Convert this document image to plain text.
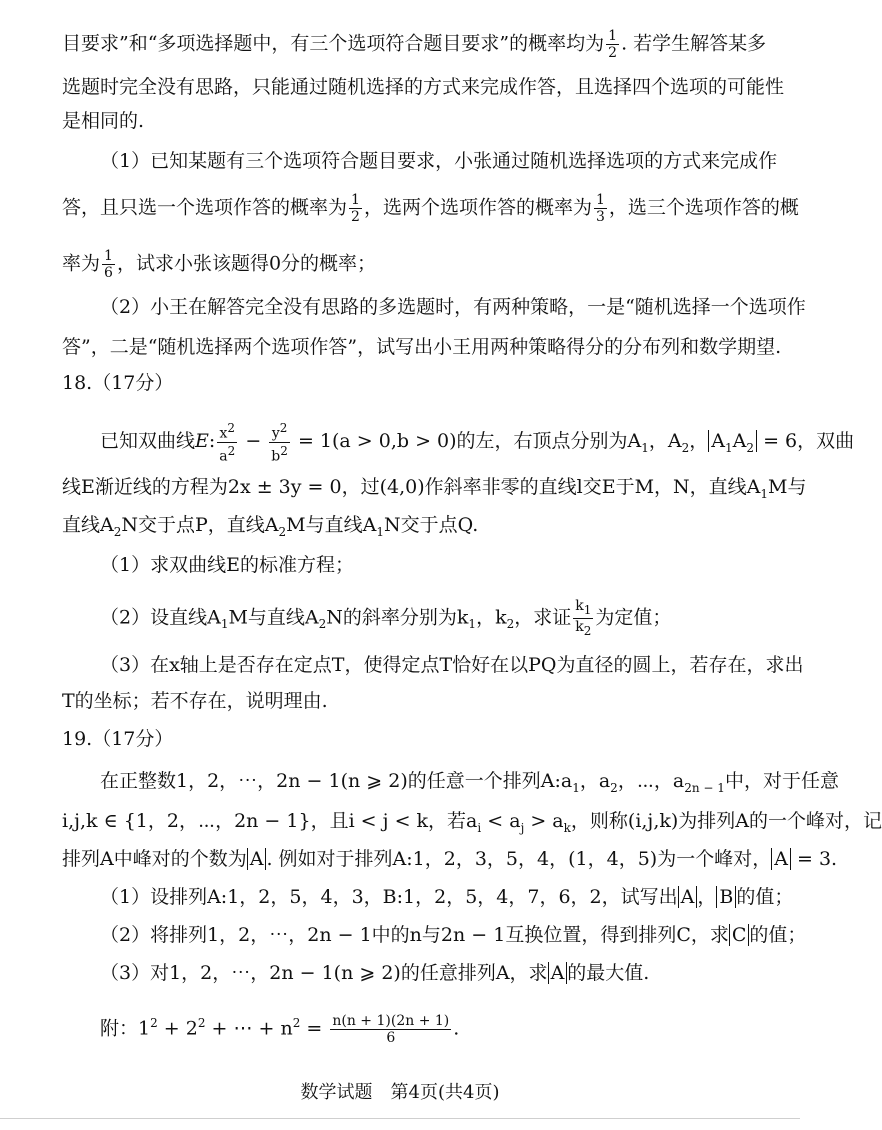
目要求”和“多项选择题中，有三个选项符合题目要求”的概率均为 $\frac{1}{2}$ . 若学生解答某多
选题时完全没有思路，只能通过随机选择的方式来完成作答，且选择四个选项的可能性
是相同的.
（1）已知某题有三个选项符合题目要求，小张通过随机选择选项的方式来完成作
答，且只选一个选项作答的概率为 $\frac{1}{2}$ ，选两个选项作答的概率为 $\frac{1}{3}$ ，选三个选项作答的概
率为 $\frac{1}{6}$ ，试求小张该题得0分的概率；
（2）小王在解答完全没有思路的多选题时，有两种策略，一是“随机选择一个选项作
答”，二是“随机选择两个选项作答”，试写出小王用两种策略得分的分布列和数学期望.
18.（17分）
已知双曲线E: $\frac{x2}{a2} - \frac{y2}{b2} = 1(a > 0,b > 0)$的左，右顶点分别为$A_1$，$A_2$， $A_1A_2 = 6$，双曲
线E渐近线的方程为2x ± 3y = 0，过(4,0)作斜率非零的直线l交E于M，N，直线$A_1M$与
直线$A_2N$交于点P，直线$A_2M$与直线$A_1N$交于点Q.
（1）求双曲线E的标准方程；
（2）设直线$A_1M$与直线$A_2N$的斜率分别为$k_1$，$k_2$，求证 $\frac{k1}{k2}$ 为定值；
（3）在x轴上是否存在定点T，使得定点T恰好在以PQ为直径的圆上，若存在，求出
T的坐标；若不存在，说明理由.
19.（17分）
在正整数1，2，⋯，2n − 1(n ⩾ 2)的任意一个排列$A:a_1$，$a_2$，⋯，$a_{2n - 1}$中，对于任意
i,j,k ∈ {1，2，⋯，2n − 1}，且i < j < k，若$a_i < a_j > a_k$，则称(i,j,k)为排列A的一个峰对，记
排列A中峰对的个数为 A . 例如对于排列A:1，2，3，5，4，(1，4，5)为一个峰对， A = 3.
（1）设排列A:1，2，5，4，3，B:1，2，5，4，7，6，2，试写出 A ， B 的值；
（2）将排列1，2，⋯，2n − 1中的n与2n − 1互换位置，得到排列C，求 C 的值；
（3）对1，2，⋯，2n − 1(n ⩾ 2)的任意排列A，求 A 的最大值.
附：$1^2 + 2^2$ + ⋯ + $n^2 = \frac{n(n + 1)(2n + 1)}{6}$ .
数学试题　第4页(共4页)
